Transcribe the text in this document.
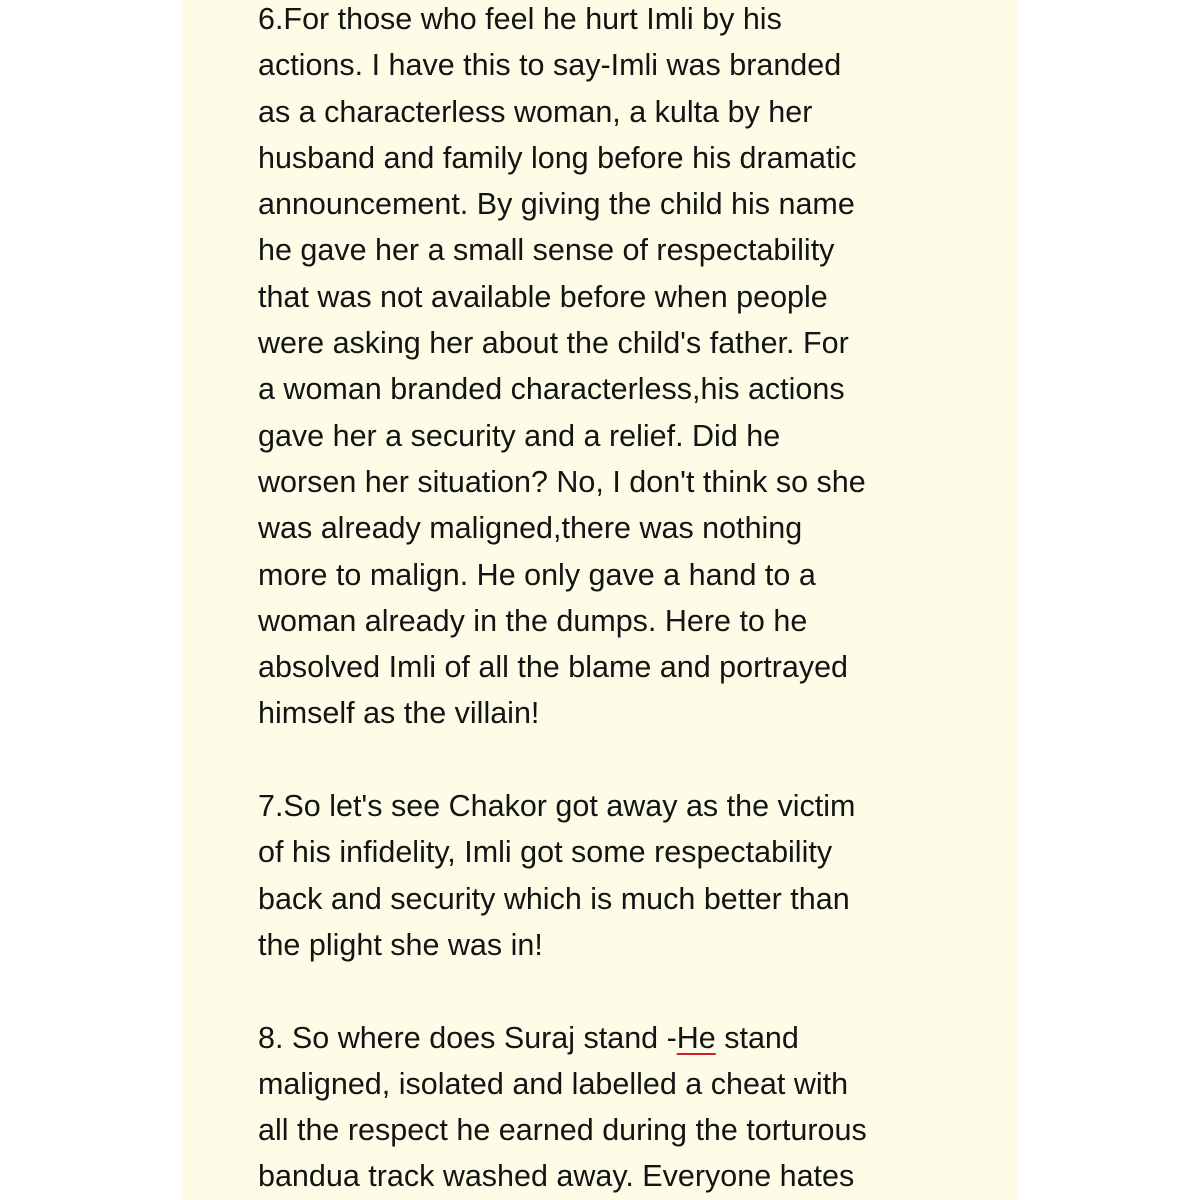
6.For those who feel he hurt Imli by his
actions. I have this to say-Imli was branded
as a characterless woman, a kulta by her
husband and family long before his dramatic
announcement. By giving the child his name
he gave her a small sense of respectability
that was not available before when people
were asking her about the child's father. For
a woman branded characterless,his actions
gave her a security and a relief. Did he
worsen her situation? No, I don't think so she
was already maligned,there was nothing
more to malign. He only gave a hand to a
woman already in the dumps. Here to he
absolved Imli of all the blame and portrayed
himself as the villain!
7.So let's see Chakor got away as the victim
of his infidelity, Imli got some respectability
back and security which is much better than
the plight she was in!
8. So where does Suraj stand -He stand
maligned, isolated and labelled a cheat with
all the respect he earned during the torturous
bandua track washed away. Everyone hates
